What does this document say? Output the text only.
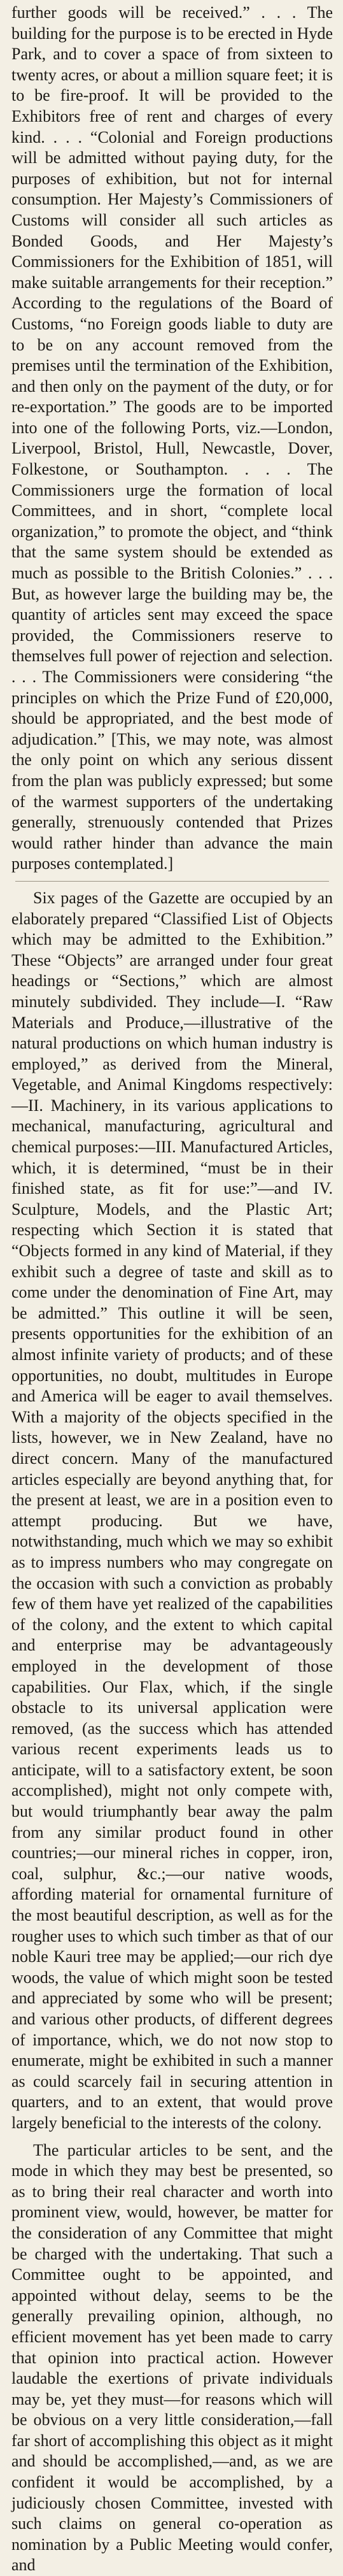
further goods will be received.” . . . The building for the purpose is to be erected in Hyde Park, and to cover a space of from sixteen to twenty acres, or about a million square feet; it is to be fire-proof. It will be provided to the Exhibitors free of rent and charges of every kind. . . . “Colonial and Foreign productions will be admitted without paying duty, for the purposes of exhibition, but not for internal consumption. Her Majesty’s Commissioners of Customs will consider all such articles as Bonded Goods, and Her Majesty’s Commissioners for the Exhibition of 1851, will make suitable arrangements for their reception.” According to the regulations of the Board of Customs, “no Foreign goods liable to duty are to be on any account removed from the premises until the termination of the Exhibition, and then only on the payment of the duty, or for re-exportation.” The goods are to be imported into one of the following Ports, viz.—London, Liverpool, Bristol, Hull, Newcastle, Dover, Folkestone, or Southampton. . . . The Commissioners urge the formation of local Committees, and in short, “complete local organization,” to promote the object, and “think that the same system should be extended as much as possible to the British Colonies.” . . . But, as however large the building may be, the quantity of articles sent may exceed the space provided, the Commissioners reserve to themselves full power of rejection and selection. . . . The Commissioners were considering “the principles on which the Prize Fund of £20,000, should be appropriated, and the best mode of adjudication.” [This, we may note, was almost the only point on which any serious dissent from the plan was publicly expressed; but some of the warmest supporters of the undertaking generally, strenuously contended that Prizes would rather hinder than advance the main purposes contemplated.]

Six pages of the Gazette are occupied by an elaborately prepared “Classified List of Objects which may be admitted to the Exhibition.” These “Objects” are arranged under four great headings or “Sections,” which are almost minutely subdivided. They include—I. “Raw Materials and Produce,—illustrative of the natural productions on which human industry is employed,” as derived from the Mineral, Vegetable, and Animal Kingdoms respectively:—II. Machinery, in its various applications to mechanical, manufacturing, agricultural and chemical purposes:—III. Manufactured Articles, which, it is determined, “must be in their finished state, as fit for use:”—and IV. Sculpture, Models, and the Plastic Art; respecting which Section it is stated that “Objects formed in any kind of Material, if they exhibit such a degree of taste and skill as to come under the denomination of Fine Art, may be admitted.” This outline it will be seen, presents opportunities for the exhibition of an almost infinite variety of products; and of these opportunities, no doubt, multitudes in Europe and America will be eager to avail themselves. With a majority of the objects specified in the lists, however, we in New Zealand, have no direct concern. Many of the manufactured articles especially are beyond anything that, for the present at least, we are in a position even to attempt producing. But we have, notwithstanding, much which we may so exhibit as to impress numbers who may congregate on the occasion with such a conviction as probably few of them have yet realized of the capabilities of the colony, and the extent to which capital and enterprise may be advantageously employed in the development of those capabilities. Our Flax, which, if the single obstacle to its universal application were removed, (as the success which has attended various recent experiments leads us to anticipate, will to a satisfactory extent, be soon accomplished), might not only compete with, but would triumphantly bear away the palm from any similar product found in other countries;—our mineral riches in copper, iron, coal, sulphur, &c.;—our native woods, affording material for ornamental furniture of the most beautiful description, as well as for the rougher uses to which such timber as that of our noble Kauri tree may be applied;—our rich dye woods, the value of which might soon be tested and appreciated by some who will be present; and various other products, of different degrees of importance, which, we do not now stop to enumerate, might be exhibited in such a manner as could scarcely fail in securing attention in quarters, and to an extent, that would prove largely beneficial to the interests of the colony.

The particular articles to be sent, and the mode in which they may best be presented, so as to bring their real character and worth into prominent view, would, however, be matter for the consideration of any Committee that might be charged with the undertaking. That such a Committee ought to be appointed, and appointed without delay, seems to be the generally prevailing opinion, although, no efficient movement has yet been made to carry that opinion into practical action. However laudable the exertions of private individuals may be, yet they must—for reasons which will be obvious on a very little consideration,—fall far short of accomplishing this object as it might and should be accomplished,—and, as we are confident it would be accomplished, by a judiciously chosen Committee, invested with such claims on general co-operation as nomination by a Public Meeting would confer, and
